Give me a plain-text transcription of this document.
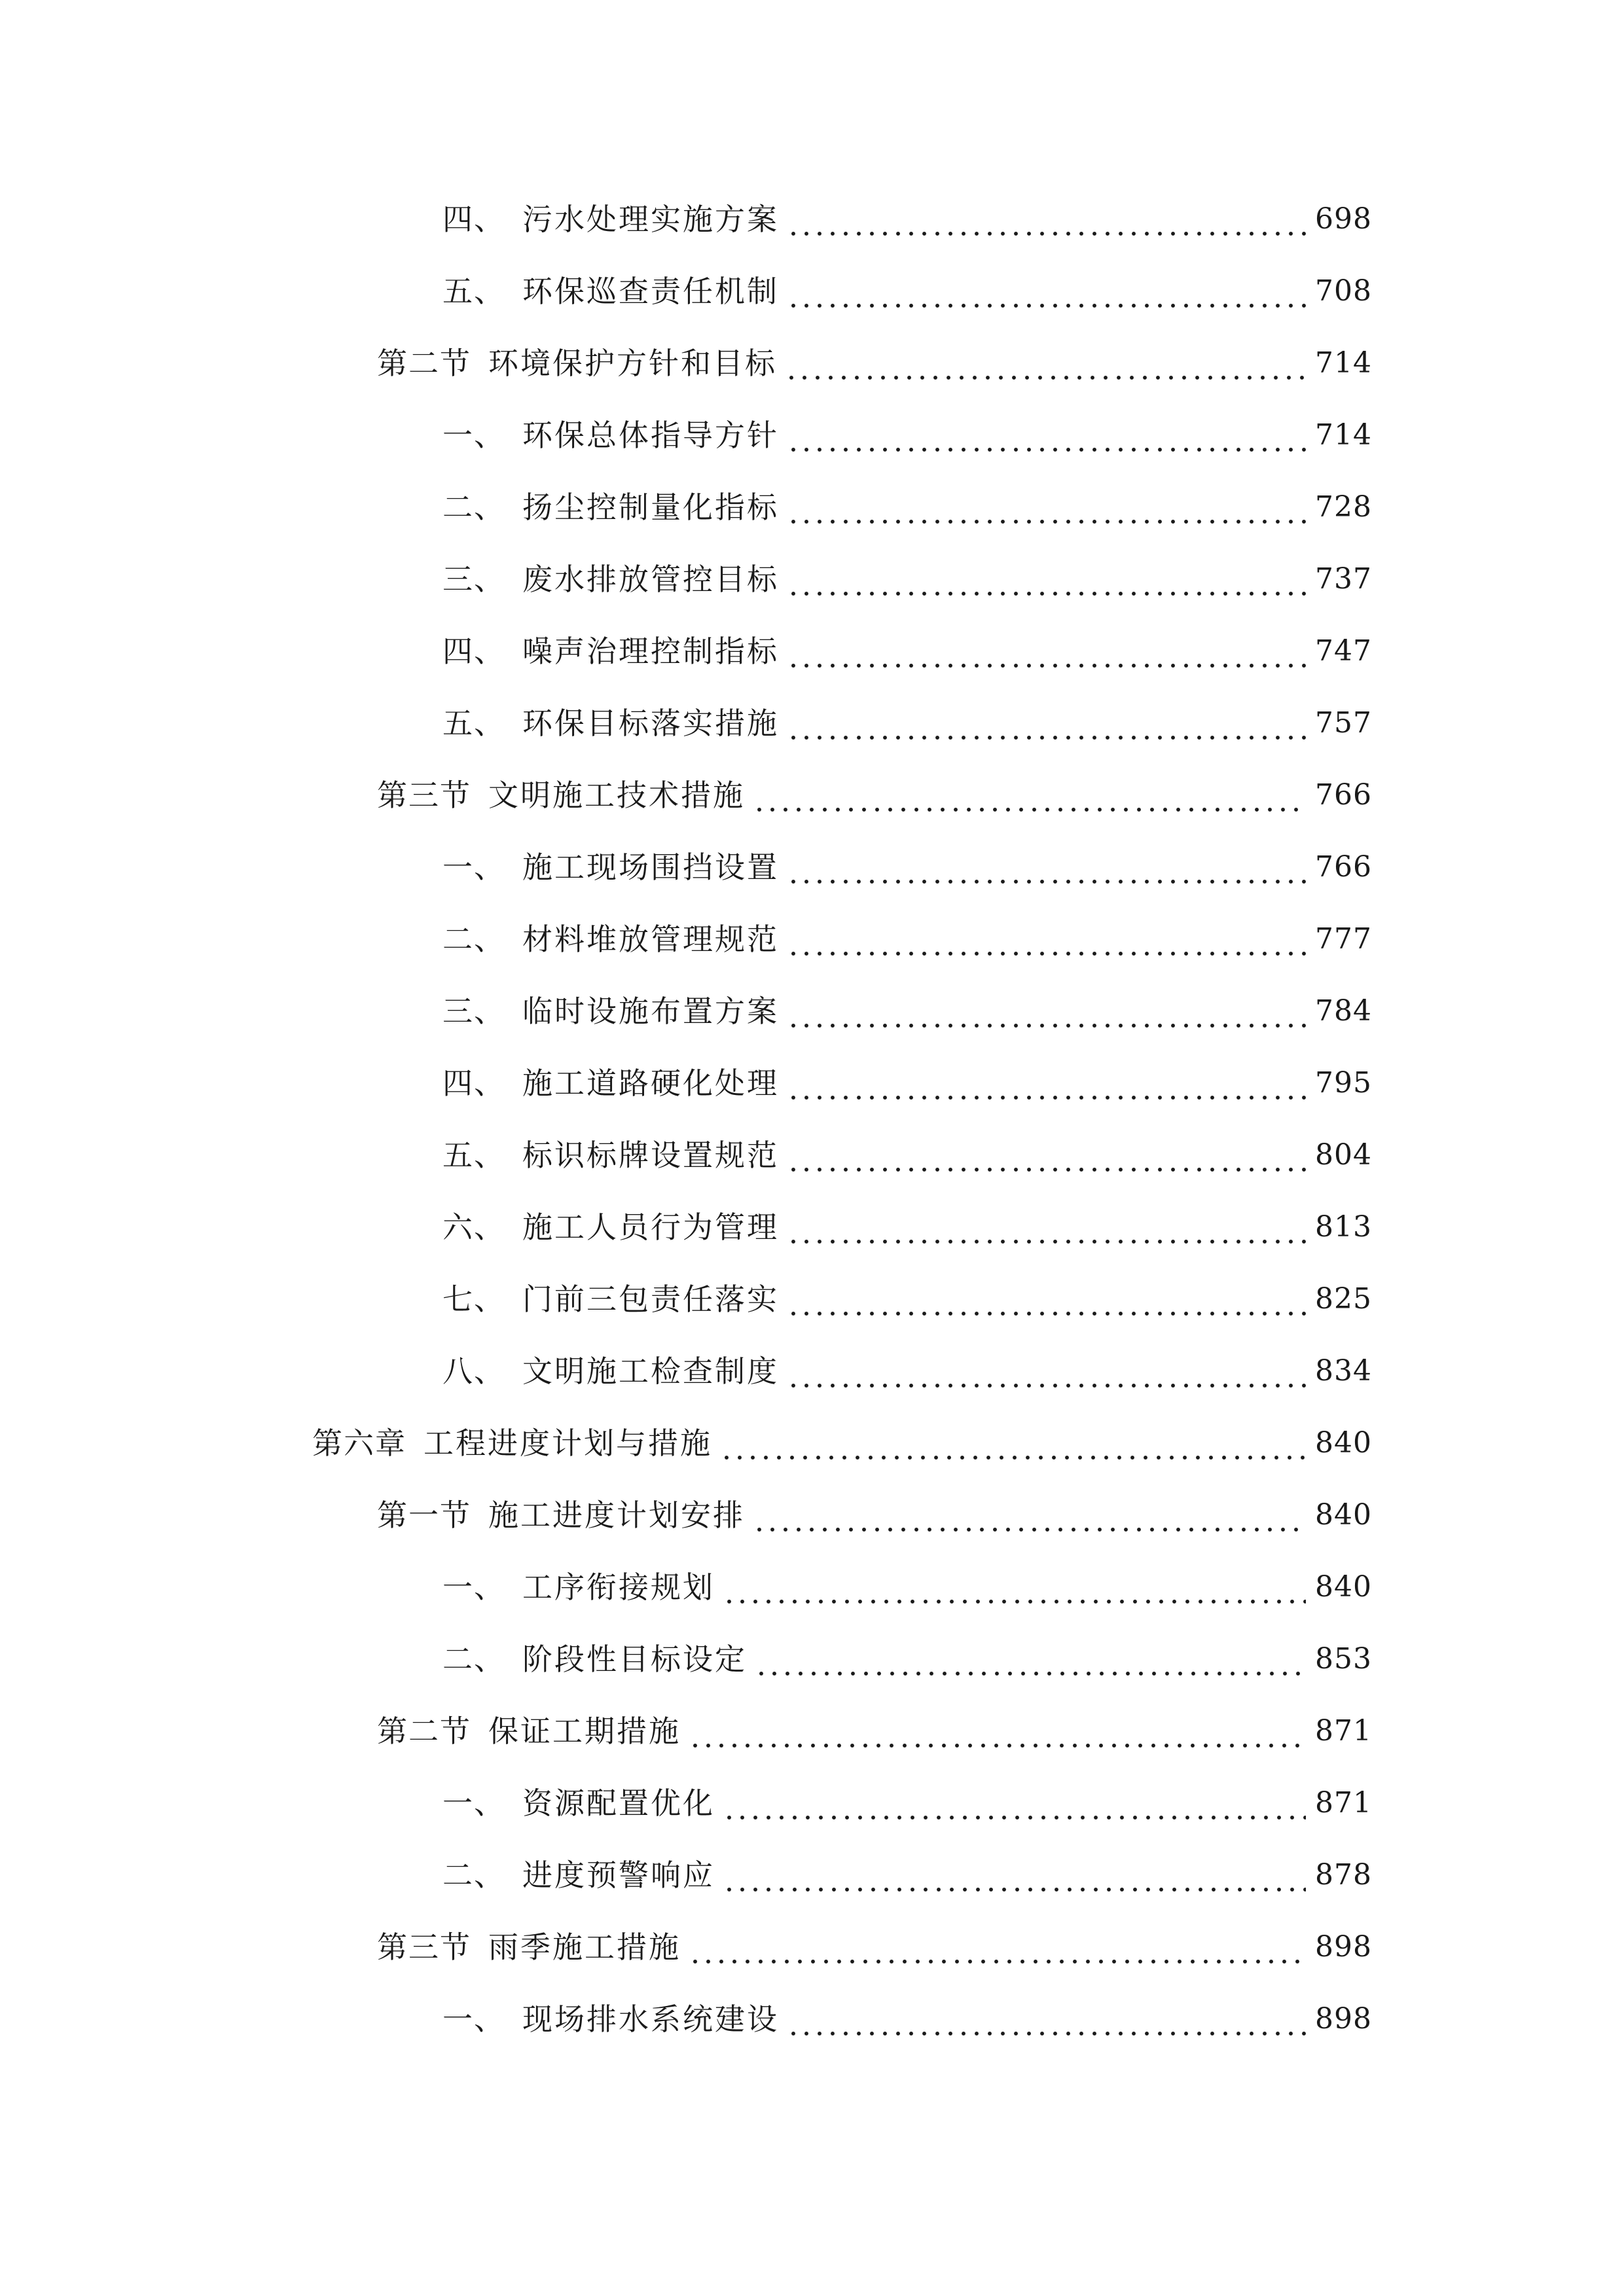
四、 污水处理实施方案	698
五、 环保巡查责任机制	708
第二节 环境保护方针和目标	714
一、 环保总体指导方针	714
二、 扬尘控制量化指标	728
三、 废水排放管控目标	737
四、 噪声治理控制指标	747
五、 环保目标落实措施	757
第三节 文明施工技术措施	766
一、 施工现场围挡设置	766
二、 材料堆放管理规范	777
三、 临时设施布置方案	784
四、 施工道路硬化处理	795
五、 标识标牌设置规范	804
六、 施工人员行为管理	813
七、 门前三包责任落实	825
八、 文明施工检查制度	834
第六章 工程进度计划与措施	840
第一节 施工进度计划安排	840
一、 工序衔接规划	840
二、 阶段性目标设定	853
第二节 保证工期措施	871
一、 资源配置优化	871
二、 进度预警响应	878
第三节 雨季施工措施	898
一、 现场排水系统建设	898
